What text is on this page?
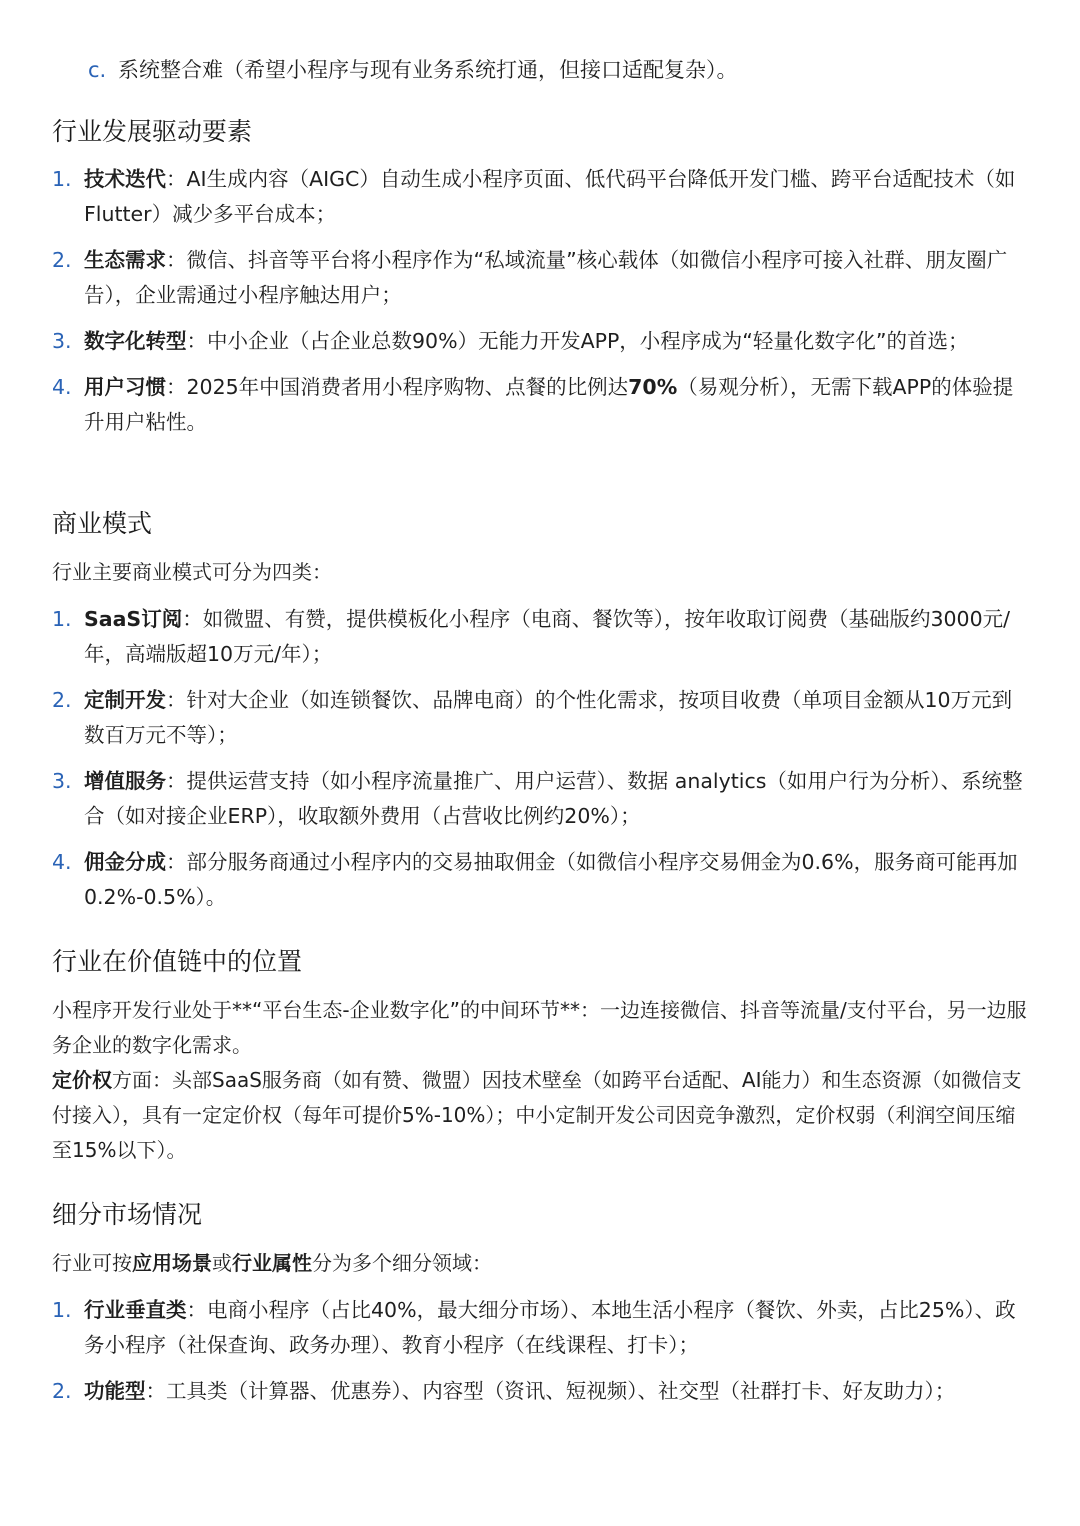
c. 系统整合难（希望小程序与现有业务系统打通，但接口适配复杂）。
行业发展驱动要素
1. 技术迭代：AI生成内容（AIGC）自动生成小程序页面、低代码平台降低开发门槛、跨平台适配技术（如Flutter）减少多平台成本；
2. 生态需求：微信、抖音等平台将小程序作为“私域流量”核心载体（如微信小程序可接入社群、朋友圈广告），企业需通过小程序触达用户；
3. 数字化转型：中小企业（占企业总数90%）无能力开发APP，小程序成为“轻量化数字化”的首选；
4. 用户习惯：2025年中国消费者用小程序购物、点餐的比例达70%（易观分析），无需下载APP的体验提升用户粘性。
商业模式

行业主要商业模式可分为四类：

1. SaaS订阅：如微盟、有赞，提供模板化小程序（电商、餐饮等），按年收取订阅费（基础版约3000元/年，高端版超10万元/年）；
2. 定制开发：针对大企业（如连锁餐饮、品牌电商）的个性化需求，按项目收费（单项目金额从10万元到数百万元不等）；
3. 增值服务：提供运营支持（如小程序流量推广、用户运营）、数据 analytics（如用户行为分析）、系统整合（如对接企业ERP），收取额外费用（占营收比例约20%）；
4. 佣金分成：部分服务商通过小程序内的交易抽取佣金（如微信小程序交易佣金为0.6%，服务商可能再加0.2%-0.5%）。
行业在价值链中的位置

小程序开发行业处于**“平台生态-企业数字化”的中间环节**：一边连接微信、抖音等流量/支付平台，另一边服务企业的数字化需求。

定价权方面：头部SaaS服务商（如有赞、微盟）因技术壁垒（如跨平台适配、AI能力）和生态资源（如微信支付接入），具有一定定价权（每年可提价5%-10%）；中小定制开发公司因竞争激烈，定价权弱（利润空间压缩至15%以下）。

细分市场情况

行业可按应用场景或行业属性分为多个细分领域：

1. 行业垂直类：电商小程序（占比40%，最大细分市场）、本地生活小程序（餐饮、外卖，占比25%）、政务小程序（社保查询、政务办理）、教育小程序（在线课程、打卡）；
2. 功能型：工具类（计算器、优惠券）、内容型（资讯、短视频）、社交型（社群打卡、好友助力）；
